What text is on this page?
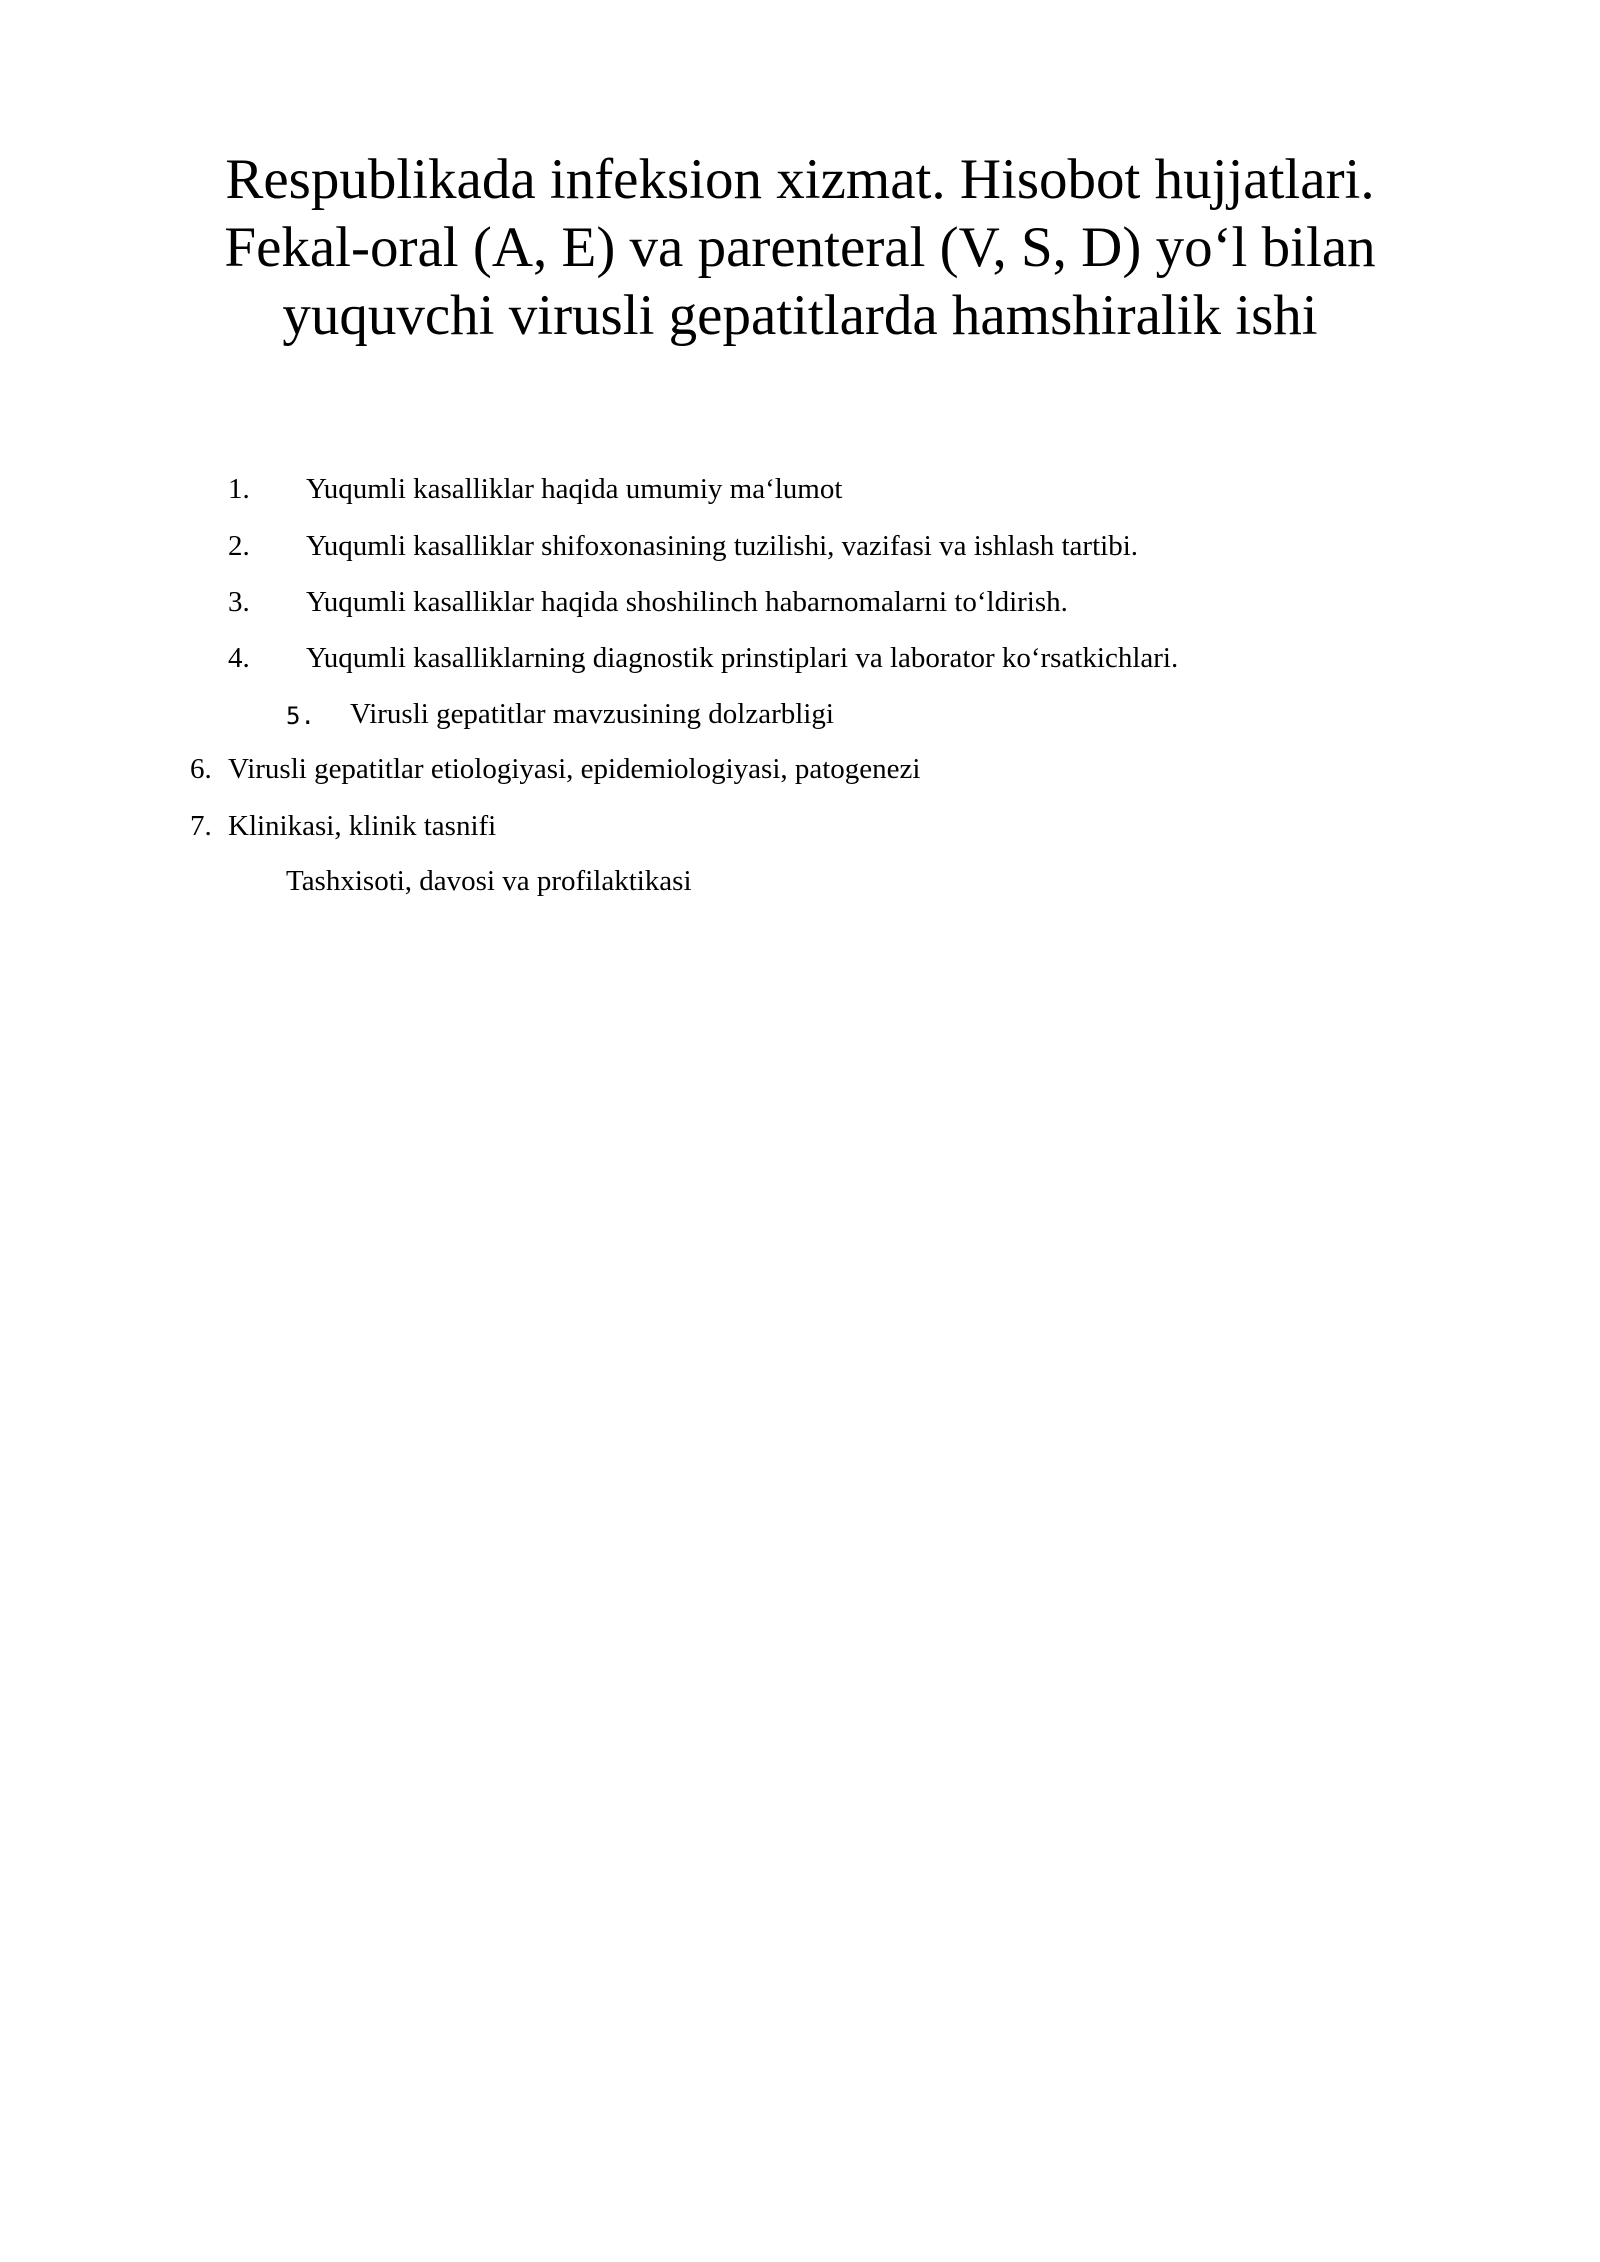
Respublikada infeksion xizmat. Hisobot hujjatlari.
Fekal-oral (A, E) va parenteral (V, S, D) yo‘l bilan
yuquvchi virusli gepatitlarda hamshiralik ishi
1. Yuqumli kasalliklar haqida umumiy ma‘lumot
2. Yuqumli kasalliklar shifoxonasining tuzilishi, vazifasi va ishlash tartibi.
3. Yuqumli kasalliklar haqida shoshilinch habarnomalarni to‘ldirish.
4. Yuqumli kasalliklarning diagnostik prinstiplari va laborator ko‘rsatkichlari.
5. Virusli gepatitlar mavzusining dolzarbligi
6. Virusli gepatitlar etiologiyasi, epidemiologiyasi, patogenezi
7. Klinikasi, klinik tasnifi
Tashxisoti, davosi va profilaktikasi
